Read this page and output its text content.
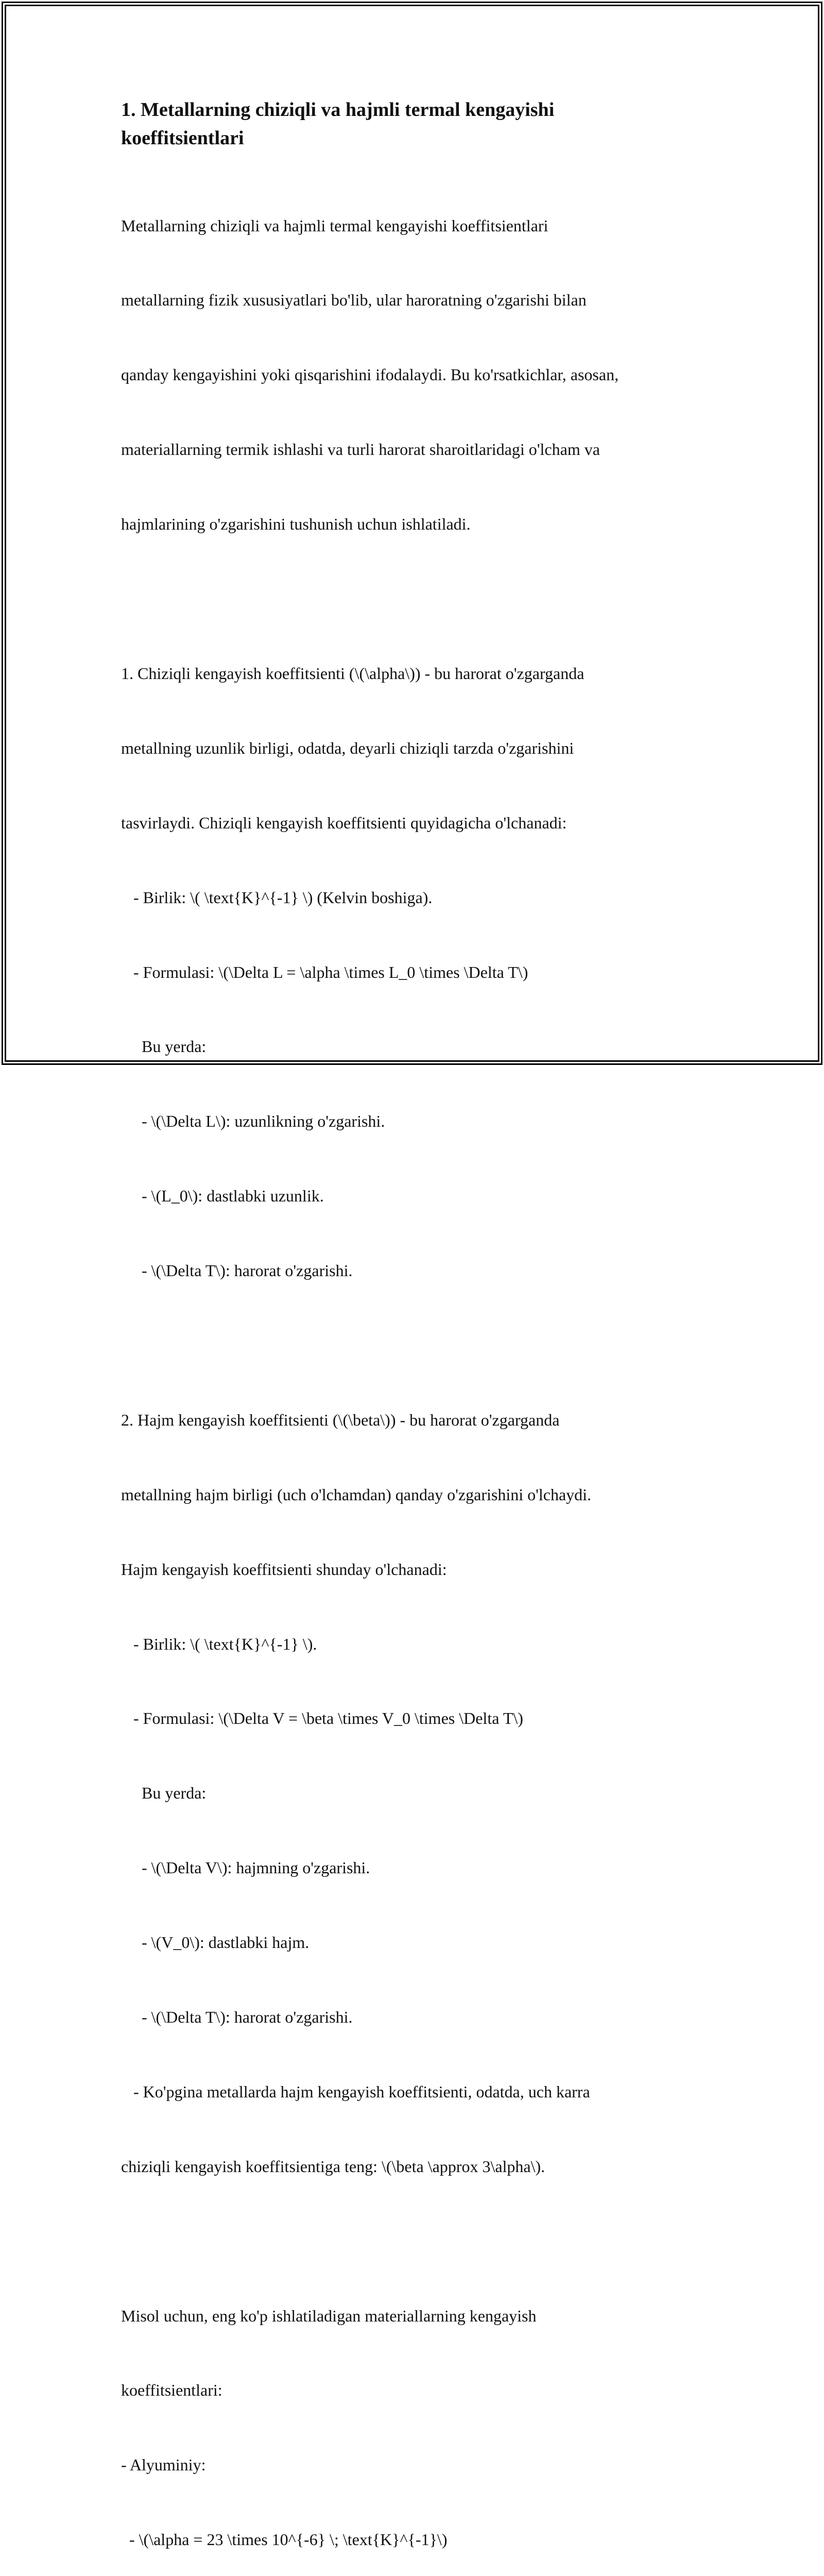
1. Metallarning chiziqli va hajmli termal kengayishi
koeffitsientlari

Metallarning chiziqli va hajmli termal kengayishi koeffitsientlari

metallarning fizik xususiyatlari bo'lib, ular haroratning o'zgarishi bilan

qanday kengayishini yoki qisqarishini ifodalaydi. Bu ko'rsatkichlar, asosan,

materiallarning termik ishlashi va turli harorat sharoitlaridagi o'lcham va

hajmlarining o'zgarishini tushunish uchun ishlatiladi.

1. Chiziqli kengayish koeffitsienti (\(\alpha\)) - bu harorat o'zgarganda

metallning uzunlik birligi, odatda, deyarli chiziqli tarzda o'zgarishini

tasvirlaydi. Chiziqli kengayish koeffitsienti quyidagicha o'lchanadi:

- Birlik: \( \text{K}^{-1} \) (Kelvin boshiga).

- Formulasi: \(\Delta L = \alpha \times L_0 \times \Delta T\)

Bu yerda:

- \(\Delta L\): uzunlikning o'zgarishi.

- \(L_0\): dastlabki uzunlik.

- \(\Delta T\): harorat o'zgarishi.

2. Hajm kengayish koeffitsienti (\(\beta\)) - bu harorat o'zgarganda

metallning hajm birligi (uch o'lchamdan) qanday o'zgarishini o'lchaydi.

Hajm kengayish koeffitsienti shunday o'lchanadi:

- Birlik: \( \text{K}^{-1} \).

- Formulasi: \(\Delta V = \beta \times V_0 \times \Delta T\)

Bu yerda:

- \(\Delta V\): hajmning o'zgarishi.

- \(V_0\): dastlabki hajm.

- \(\Delta T\): harorat o'zgarishi.

- Ko'pgina metallarda hajm kengayish koeffitsienti, odatda, uch karra

chiziqli kengayish koeffitsientiga teng: \(\beta \approx 3\alpha\).

Misol uchun, eng ko'p ishlatiladigan materiallarning kengayish

koeffitsientlari:

- Alyuminiy:

- \(\alpha = 23 \times 10^{-6} \; \text{K}^{-1}\)
